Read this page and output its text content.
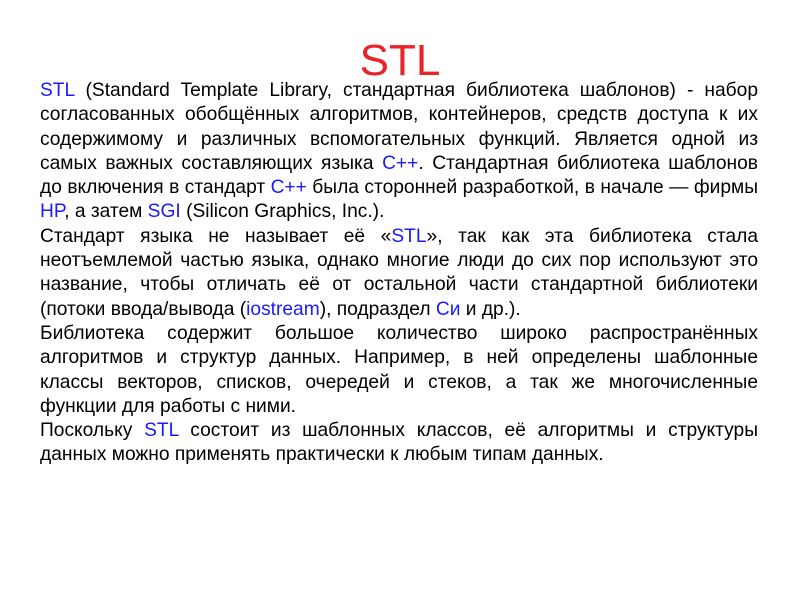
STL

STL (Standard Template Library, стандартная библиотека шаблонов) - набор согласованных обобщённых алгоритмов, контейнеров, средств доступа к их содержимому и различных вспомогательных функций. Является одной из самых важных составляющих языка C++. Стандартная библиотека шаблонов до включения в стандарт C++ была сторонней разработкой, в начале — фирмы HP, а затем SGI (Silicon Graphics, Inc.).

Стандарт языка не называет её «STL», так как эта библиотека стала неотъемлемой частью языка, однако многие люди до сих пор используют это название, чтобы отличать её от остальной части стандартной библиотеки (потоки ввода/вывода (iostream), подраздел Си и др.).

Библиотека содержит большое количество широко распространённых алгоритмов и структур данных. Например, в ней определены шаблонные классы векторов, списков, очередей и стеков, а так же многочисленные функции для работы с ними.

Поскольку STL состоит из шаблонных классов, её алгоритмы и структуры данных можно применять практически к любым типам данных.
